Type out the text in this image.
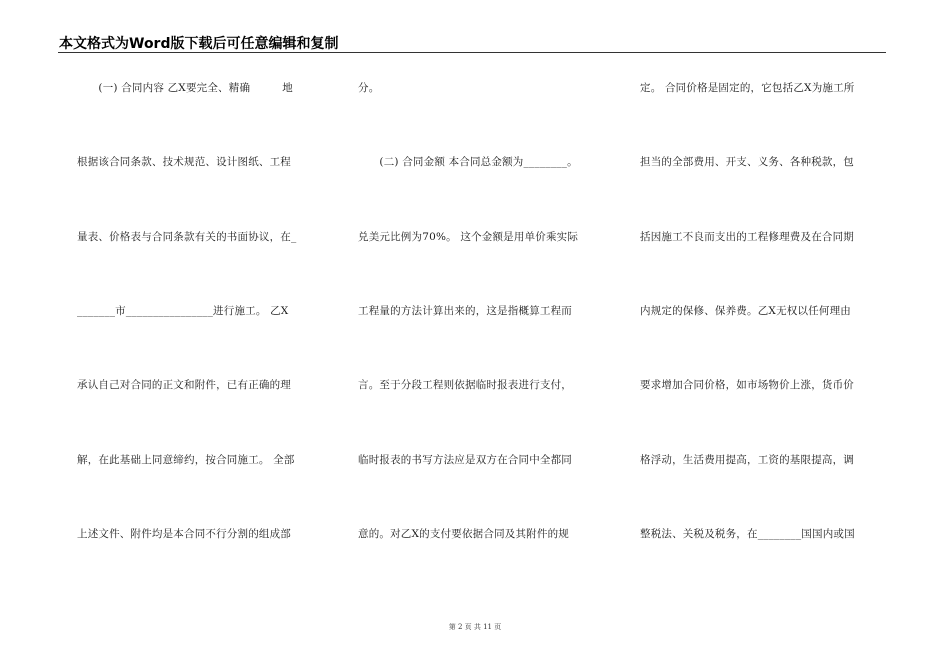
本文格式为Word版下载后可任意编辑和复制
　　(一) 合同内容 乙X要完全、精确　　　地
根据该合同条款、技术规范、设计图纸、工程
量表、价格表与合同条款有关的书面协议，在_
_______市________________进行施工。 乙X
承认自己对合同的正文和附件，已有正确的理
解，在此基础上同意缔约，按合同施工。 全部
上述文件、附件均是本合同不行分割的组成部
分。
　　(二) 合同金额 本合同总金额为________。
兑美元比例为70%。 这个金额是用单价乘实际
工程量的方法计算出来的，这是指概算工程而
言。至于分段工程则依据临时报表进行支付，
临时报表的书写方法应是双方在合同中全都同
意的。对乙X的支付要依据合同及其附件的规
定。 合同价格是固定的，它包括乙X为施工所
担当的全部费用、开支、义务、各种税款，包
括因施工不良而支出的工程修理费及在合同期
内规定的保修、保养费。乙X无权以任何理由
要求增加合同价格，如市场物价上涨，货币价
格浮动，生活费用提高，工资的基限提高，调
整税法、关税及税务，在________国国内或国
第 2 页 共 11 页
